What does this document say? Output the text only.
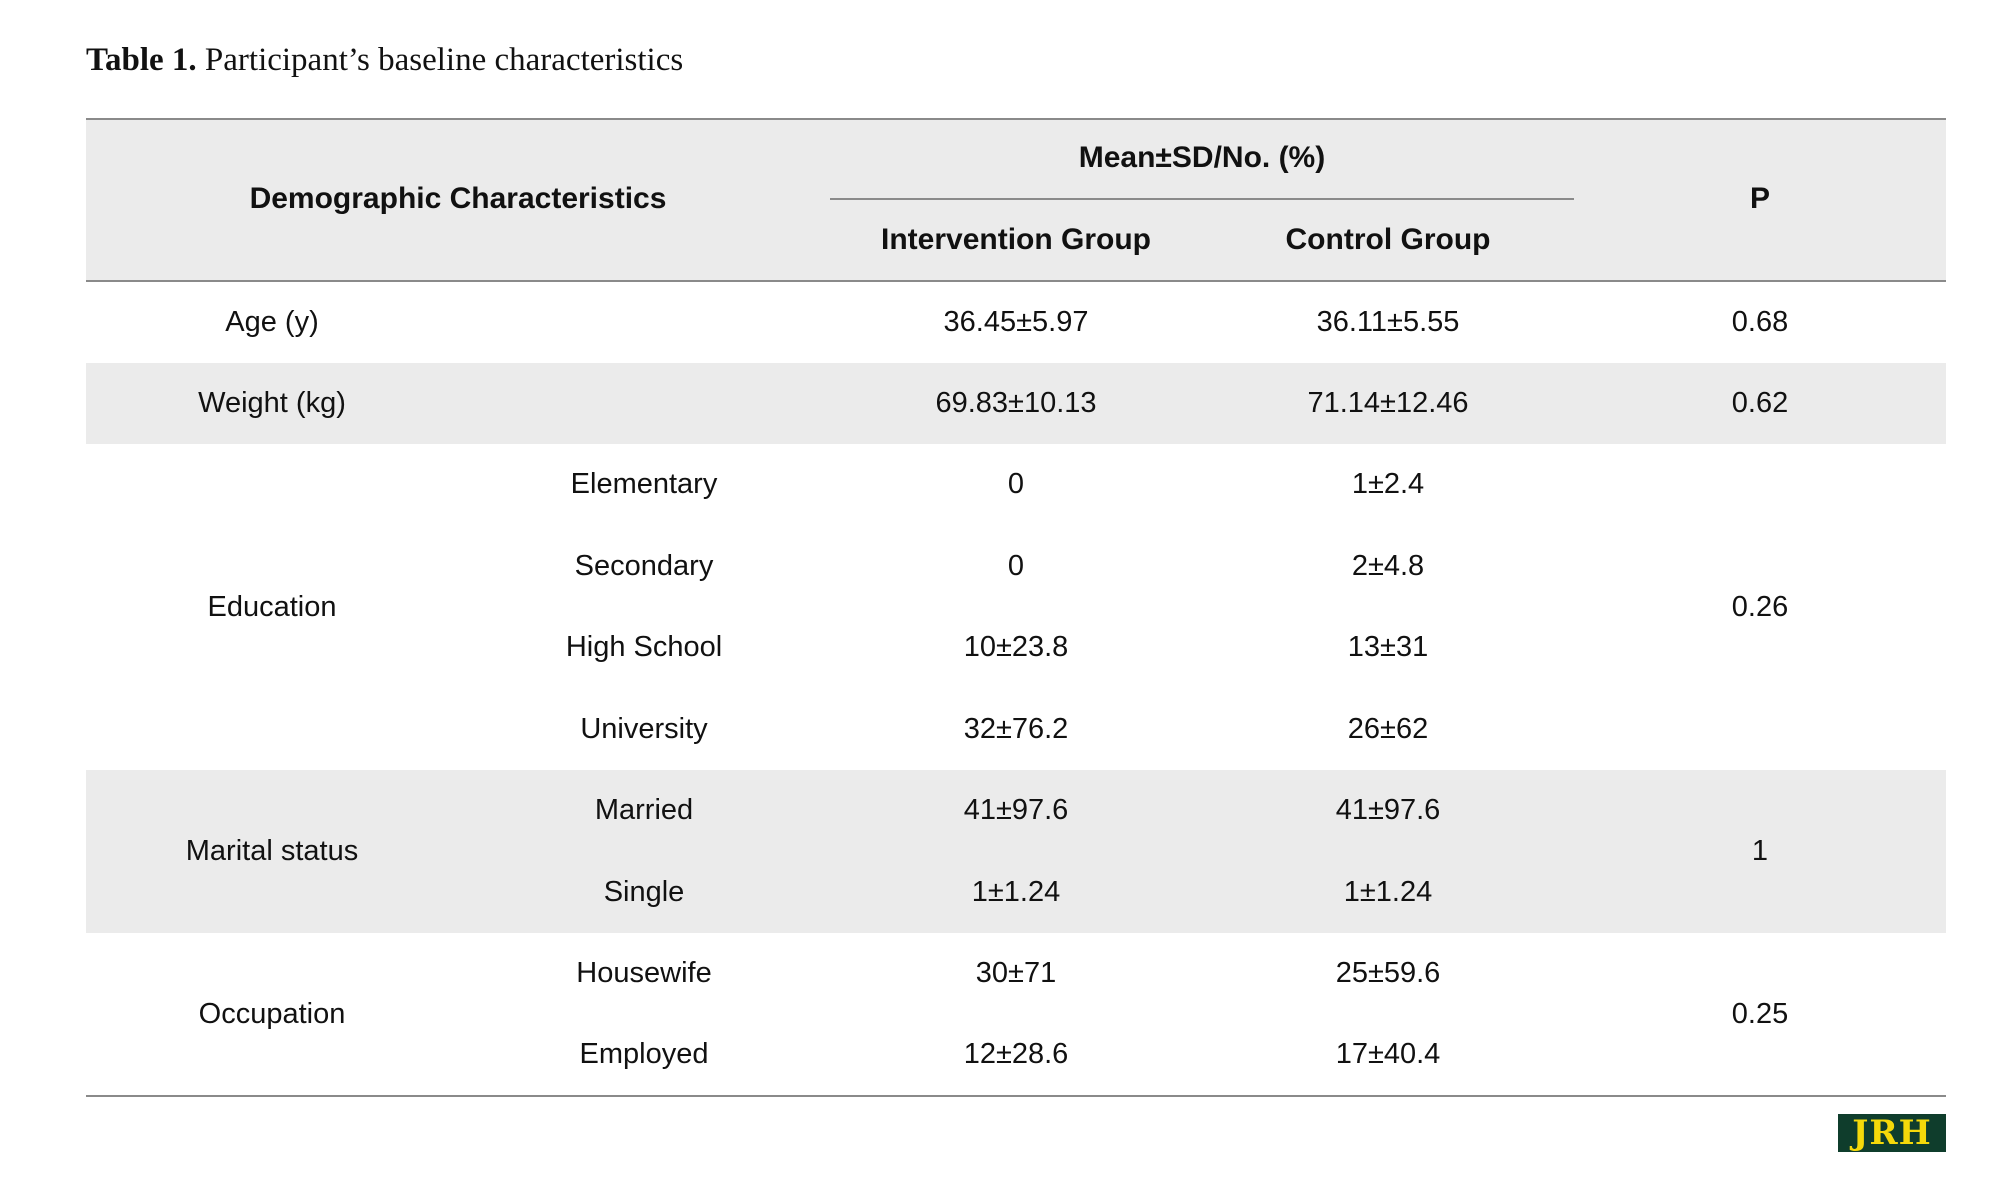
Table 1. Participant’s baseline characteristics
Demographic Characteristics
Mean±SD/No. (%)
Intervention Group	Control Group
P
Age (y)	36.45±5.97	36.11±5.55	0.68
Weight (kg)	69.83±10.13	71.14±12.46	0.62
Education	0.26
Elementary	0	1±2.4
Secondary	0	2±4.8
High School	10±23.8	13±31
University	32±76.2	26±62
Marital status	1
Married	41±97.6	41±97.6
Single	1±1.24	1±1.24
Occupation	0.25
Housewife	30±71	25±59.6
Employed	12±28.6	17±40.4
JRH
